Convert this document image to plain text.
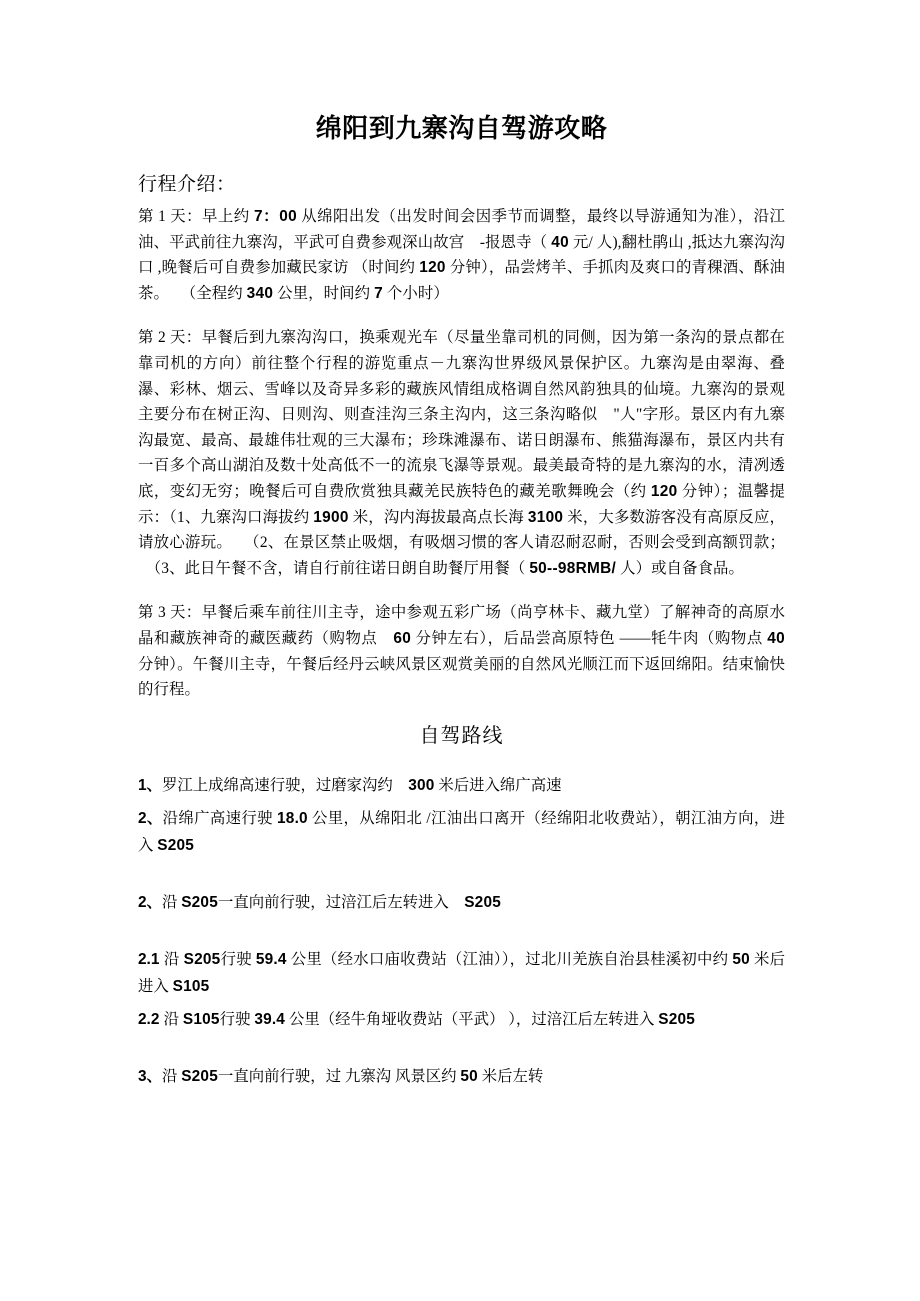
绵阳到九寨沟自驾游攻略
行程介绍：

第 1 天：早上约 7：00 从绵阳出发（出发时间会因季节而调整，最终以导游通知为准），沿江油、平武前往九寨沟，平武可自费参观深山故宫　-报恩寺（ 40 元/ 人),翻杜鹃山 ,抵达九寨沟沟口 ,晚餐后可自费参加藏民家访 （时间约 120 分钟），品尝烤羊、手抓肉及爽口的青稞酒、酥油茶。 　（全程约 340 公里，时间约 7 个小时）

第 2 天：早餐后到九寨沟沟口，换乘观光车（尽量坐靠司机的同侧，因为第一条沟的景点都在靠司机的方向）前往整个行程的游览重点－九寨沟世界级风景保护区。九寨沟是由翠海、叠瀑、彩林、烟云、雪峰以及奇异多彩的藏族风情组成格调自然风韵独具的仙境。九寨沟的景观主要分布在树正沟、日则沟、则查洼沟三条主沟内，这三条沟略似　"人"字形。景区内有九寨沟最宽、最高、最雄伟壮观的三大瀑布；珍珠滩瀑布、诺日朗瀑布、熊猫海瀑布，景区内共有一百多个高山湖泊及数十处高低不一的流泉飞瀑等景观。最美最奇特的是九寨沟的水，清冽透底，变幻无穷；晚餐后可自费欣赏独具藏羌民族特色的藏羌歌舞晚会（约 120 分钟）；温馨提示：（1、九寨沟口海拔约 1900 米，沟内海拔最高点长海 3100 米，大多数游客没有高原反应，请放心游玩。 　（2、在景区禁止吸烟，有吸烟习惯的客人请忍耐忍耐，否则会受到高额罚款； 　（3、此日午餐不含，请自行前往诺日朗自助餐厅用餐（ 50--98RMB/ 人）或自备食品。

第 3 天：早餐后乘车前往川主寺，途中参观五彩广场（尚亨林卡、藏九堂）了解神奇的高原水晶和藏族神奇的藏医藏药（购物点　60 分钟左右），后品尝高原特色 ——牦牛肉（购物点 40 分钟）。午餐川主寺，午餐后经丹云峡风景区观赏美丽的自然风光顺江而下返回绵阳。结束愉快的行程。

自驾路线

1、罗江上成绵高速行驶，过磨家沟约　300 米后进入绵广高速

2、沿绵广高速行驶 18.0 公里，从绵阳北 /江油出口离开（经绵阳北收费站），朝江油方向，进入 S205

2、沿 S205一直向前行驶，过涪江后左转进入　S205

2.1 沿 S205行驶 59.4 公里（经水口庙收费站（江油）），过北川羌族自治县桂溪初中约 50 米后进入 S105

2.2 沿 S105行驶 39.4 公里（经牛角垭收费站（平武） ），过涪江后左转进入 S205

3、沿 S205一直向前行驶，过 九寨沟 风景区约 50 米后左转
